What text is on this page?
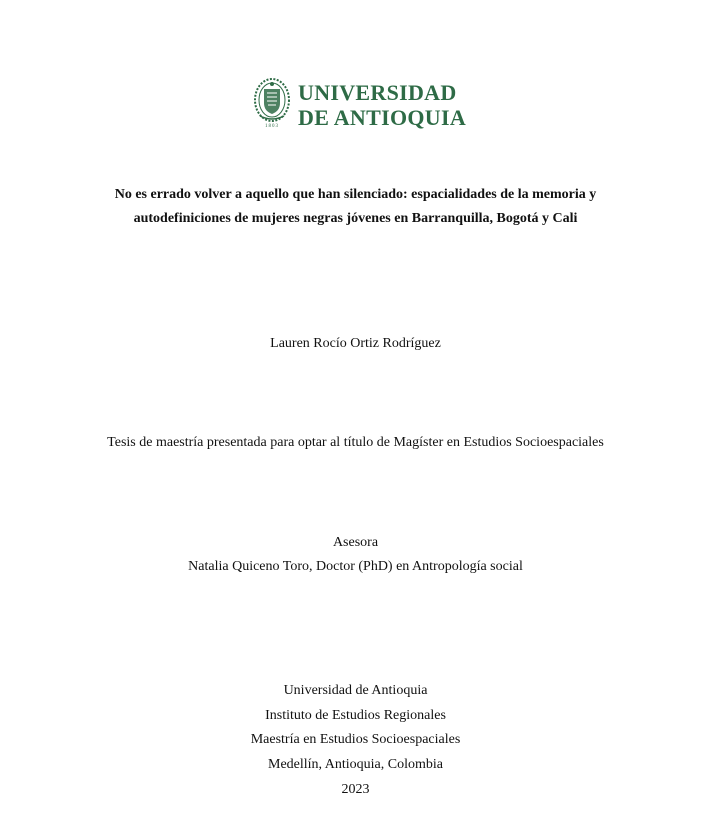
1803
UNIVERSIDAD
DE ANTIOQUIA
No es errado volver a aquello que han silenciado: espacialidades de la memoria y
autodefiniciones de mujeres negras jóvenes en Barranquilla, Bogotá y Cali
Lauren Rocío Ortiz Rodríguez
Tesis de maestría presentada para optar al título de Magíster en Estudios Socioespaciales
Asesora
Natalia Quiceno Toro, Doctor (PhD) en Antropología social
Universidad de Antioquia
Instituto de Estudios Regionales
Maestría en Estudios Socioespaciales
Medellín, Antioquia, Colombia
2023
